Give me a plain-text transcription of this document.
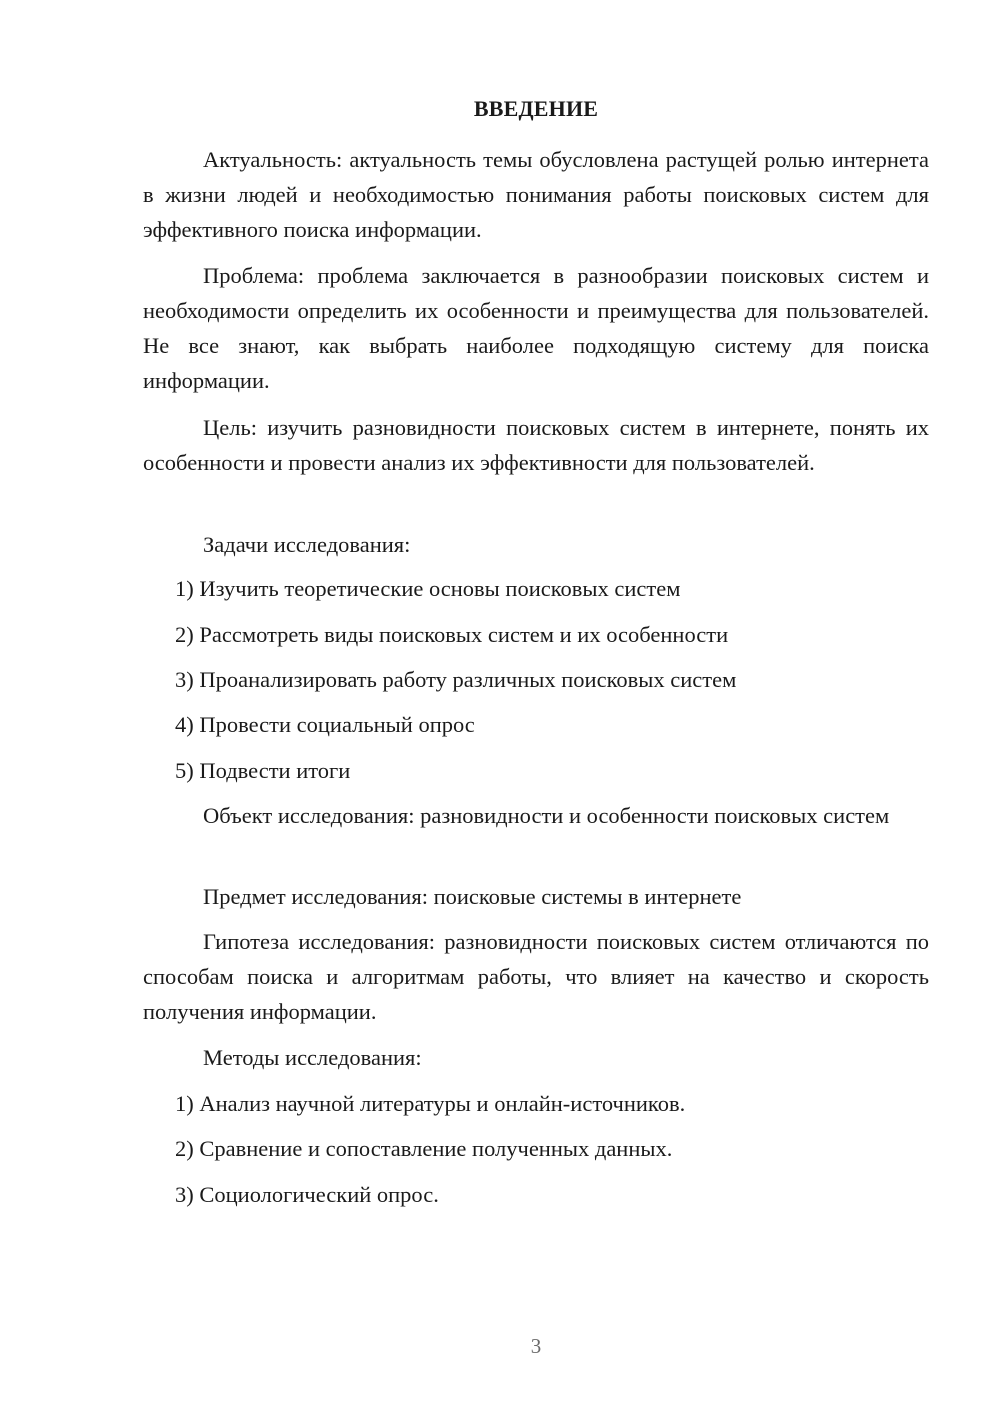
ВВЕДЕНИЕ

Актуальность: актуальность темы обусловлена растущей ролью интернета в жизни людей и необходимостью понимания работы поисковых систем для эффективного поиска информации.

Проблема: проблема заключается в разнообразии поисковых систем и необходимости определить их особенности и преимущества для пользователей. Не все знают, как выбрать наиболее подходящую систему для поиска информации.

Цель: изучить разновидности поисковых систем в интернете, понять их особенности и провести анализ их эффективности для пользователей.

Задачи исследования:

1) Изучить теоретические основы поисковых систем

2) Рассмотреть виды поисковых систем и их особенности

3) Проанализировать работу различных поисковых систем

4) Провести социальный опрос

5) Подвести итоги

Объект исследования: разновидности и особенности поисковых систем

Предмет исследования: поисковые системы в интернете

Гипотеза исследования: разновидности поисковых систем отличаются по способам поиска и алгоритмам работы, что влияет на качество и скорость получения информации.

Методы исследования:

1) Анализ научной литературы и онлайн-источников.

2) Сравнение и сопоставление полученных данных.

3) Социологический опрос.

3
